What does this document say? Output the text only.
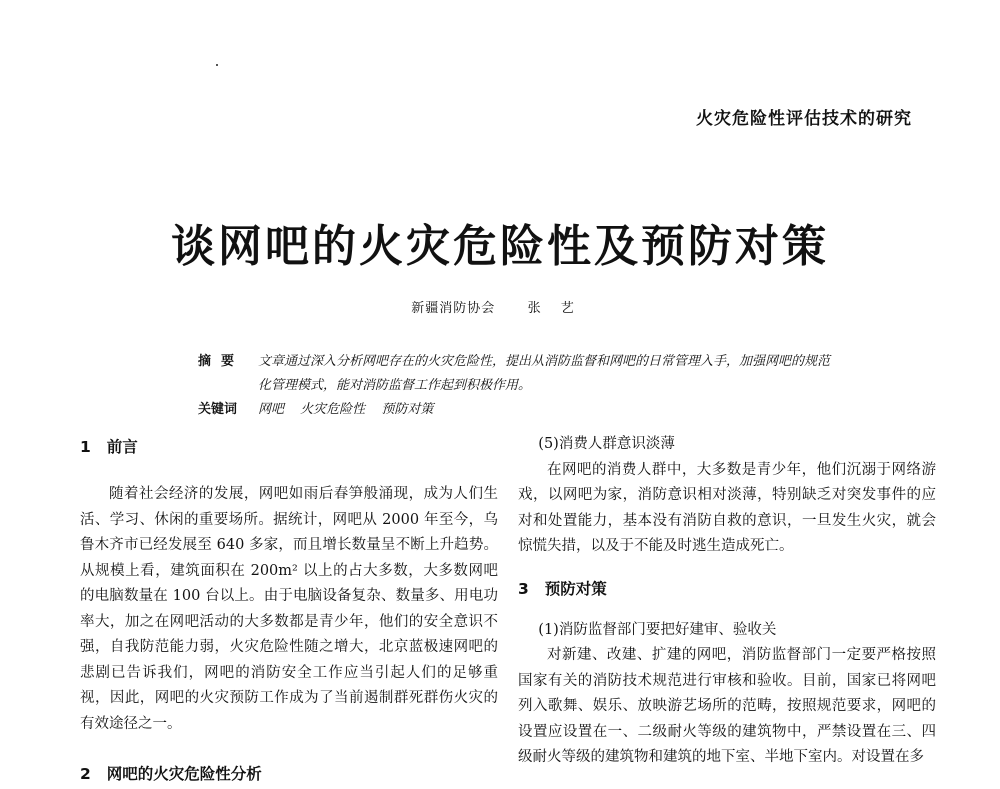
火灾危险性评估技术的研究
谈网吧的火灾危险性及预防对策
新疆消防协会 张 艺
摘要	文章通过深入分析网吧存在的火灾危险性，提出从消防监督和网吧的日常管理入手，加强网吧的规范化管理模式，能对消防监督工作起到积极作用。
关键词	网吧 火灾危险性 预防对策
1 前言

随着社会经济的发展，网吧如雨后春笋般涌现，成为人们生活、学习、休闲的重要场所。据统计，网吧从 2000 年至今，乌鲁木齐市已经发展至 640 多家，而且增长数量呈不断上升趋势。从规模上看，建筑面积在 200m² 以上的占大多数，大多数网吧的电脑数量在 100 台以上。由于电脑设备复杂、数量多、用电功率大，加之在网吧活动的大多数都是青少年，他们的安全意识不强，自我防范能力弱，火灾危险性随之增大，北京蓝极速网吧的悲剧已告诉我们，网吧的消防安全工作应当引起人们的足够重视，因此，网吧的火灾预防工作成为了当前遏制群死群伤火灾的有效途径之一。

2 网吧的火灾危险性分析

(5)消费人群意识淡薄

在网吧的消费人群中，大多数是青少年，他们沉溺于网络游戏，以网吧为家，消防意识相对淡薄，特别缺乏对突发事件的应对和处置能力，基本没有消防自救的意识，一旦发生火灾，就会惊慌失措，以及于不能及时逃生造成死亡。

3 预防对策

(1)消防监督部门要把好建审、验收关

对新建、改建、扩建的网吧，消防监督部门一定要严格按照国家有关的消防技术规范进行审核和验收。目前，国家已将网吧列入歌舞、娱乐、放映游艺场所的范畴，按照规范要求，网吧的设置应设置在一、二级耐火等级的建筑物中，严禁设置在三、四级耐火等级的建筑物和建筑的地下室、半地下室内。对设置在多
